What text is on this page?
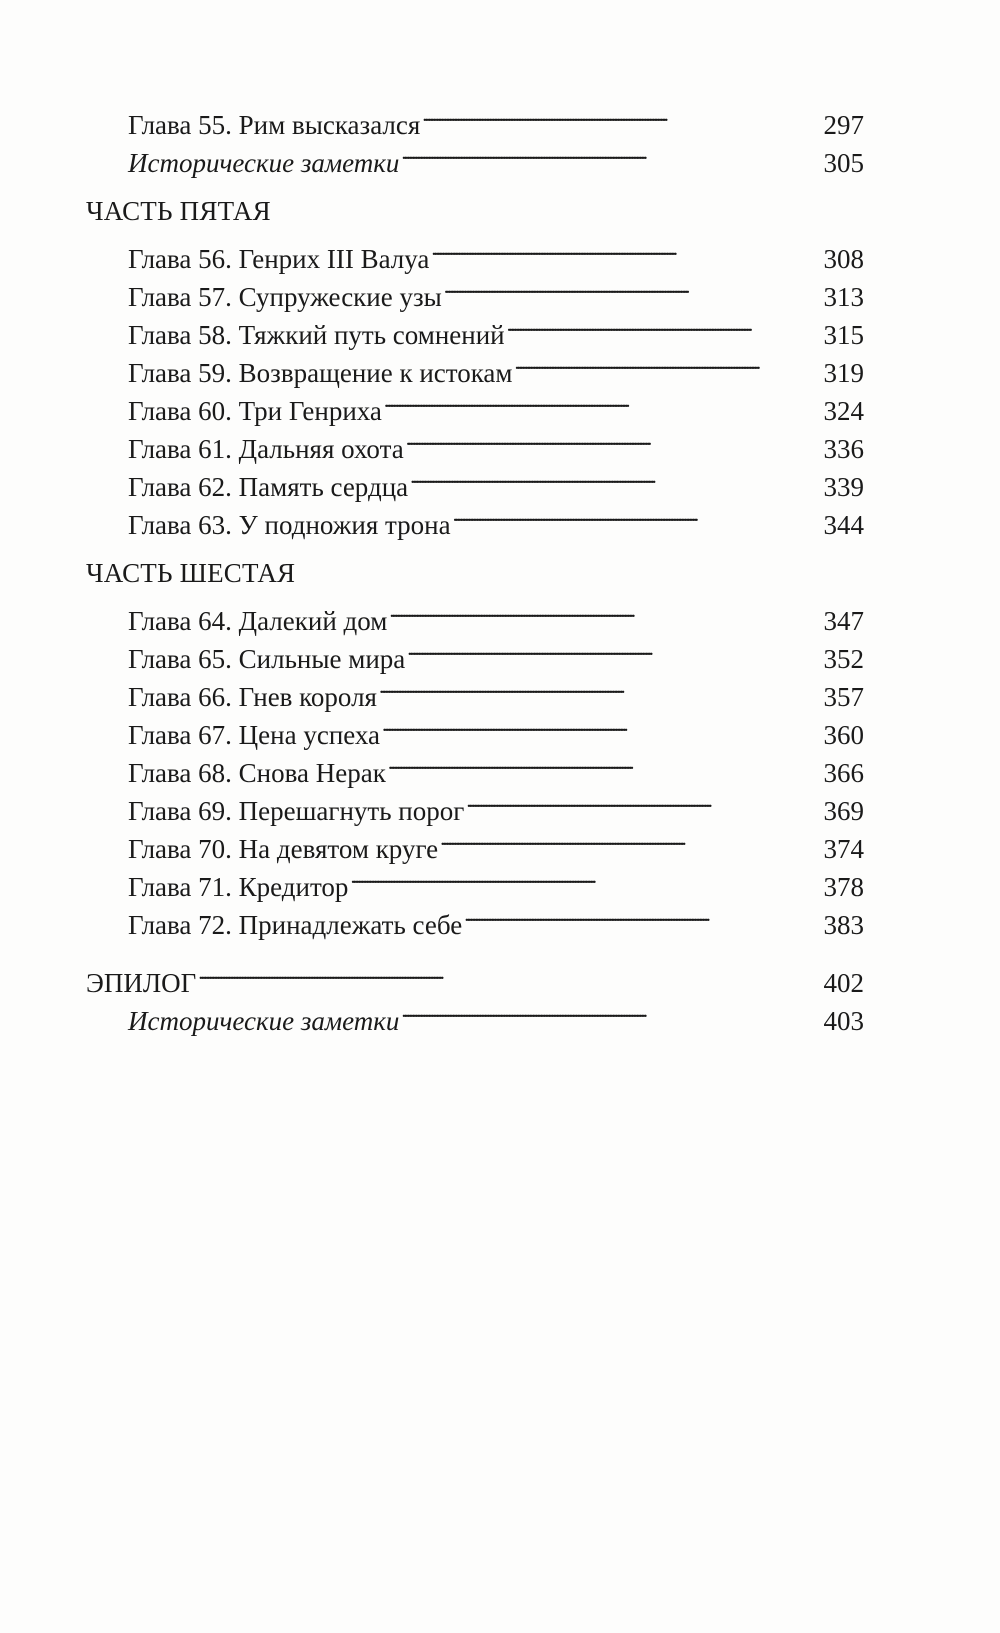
Глава 55. Рим высказался . . .	297
Исторические заметки . . .	305
ЧАСТЬ ПЯТАЯ
Глава 56. Генрих III Валуа . . .	308
Глава 57. Супружеские узы . . .	313
Глава 58. Тяжкий путь сомнений . . .	315
Глава 59. Возвращение к истокам . . .	319
Глава 60. Три Генриха . . .	324
Глава 61. Дальняя охота . . .	336
Глава 62. Память сердца . . .	339
Глава 63. У подножия трона . . .	344
ЧАСТЬ ШЕСТАЯ
Глава 64. Далекий дом . . .	347
Глава 65. Сильные мира . . .	352
Глава 66. Гнев короля . . .	357
Глава 67. Цена успеха . . .	360
Глава 68. Снова Нерак . . .	366
Глава 69. Перешагнуть порог . . .	369
Глава 70. На девятом круге . . .	374
Глава 71. Кредитор . . .	378
Глава 72. Принадлежать себе . . .	383
ЭПИЛОГ . . .	402
Исторические заметки . . .	403
